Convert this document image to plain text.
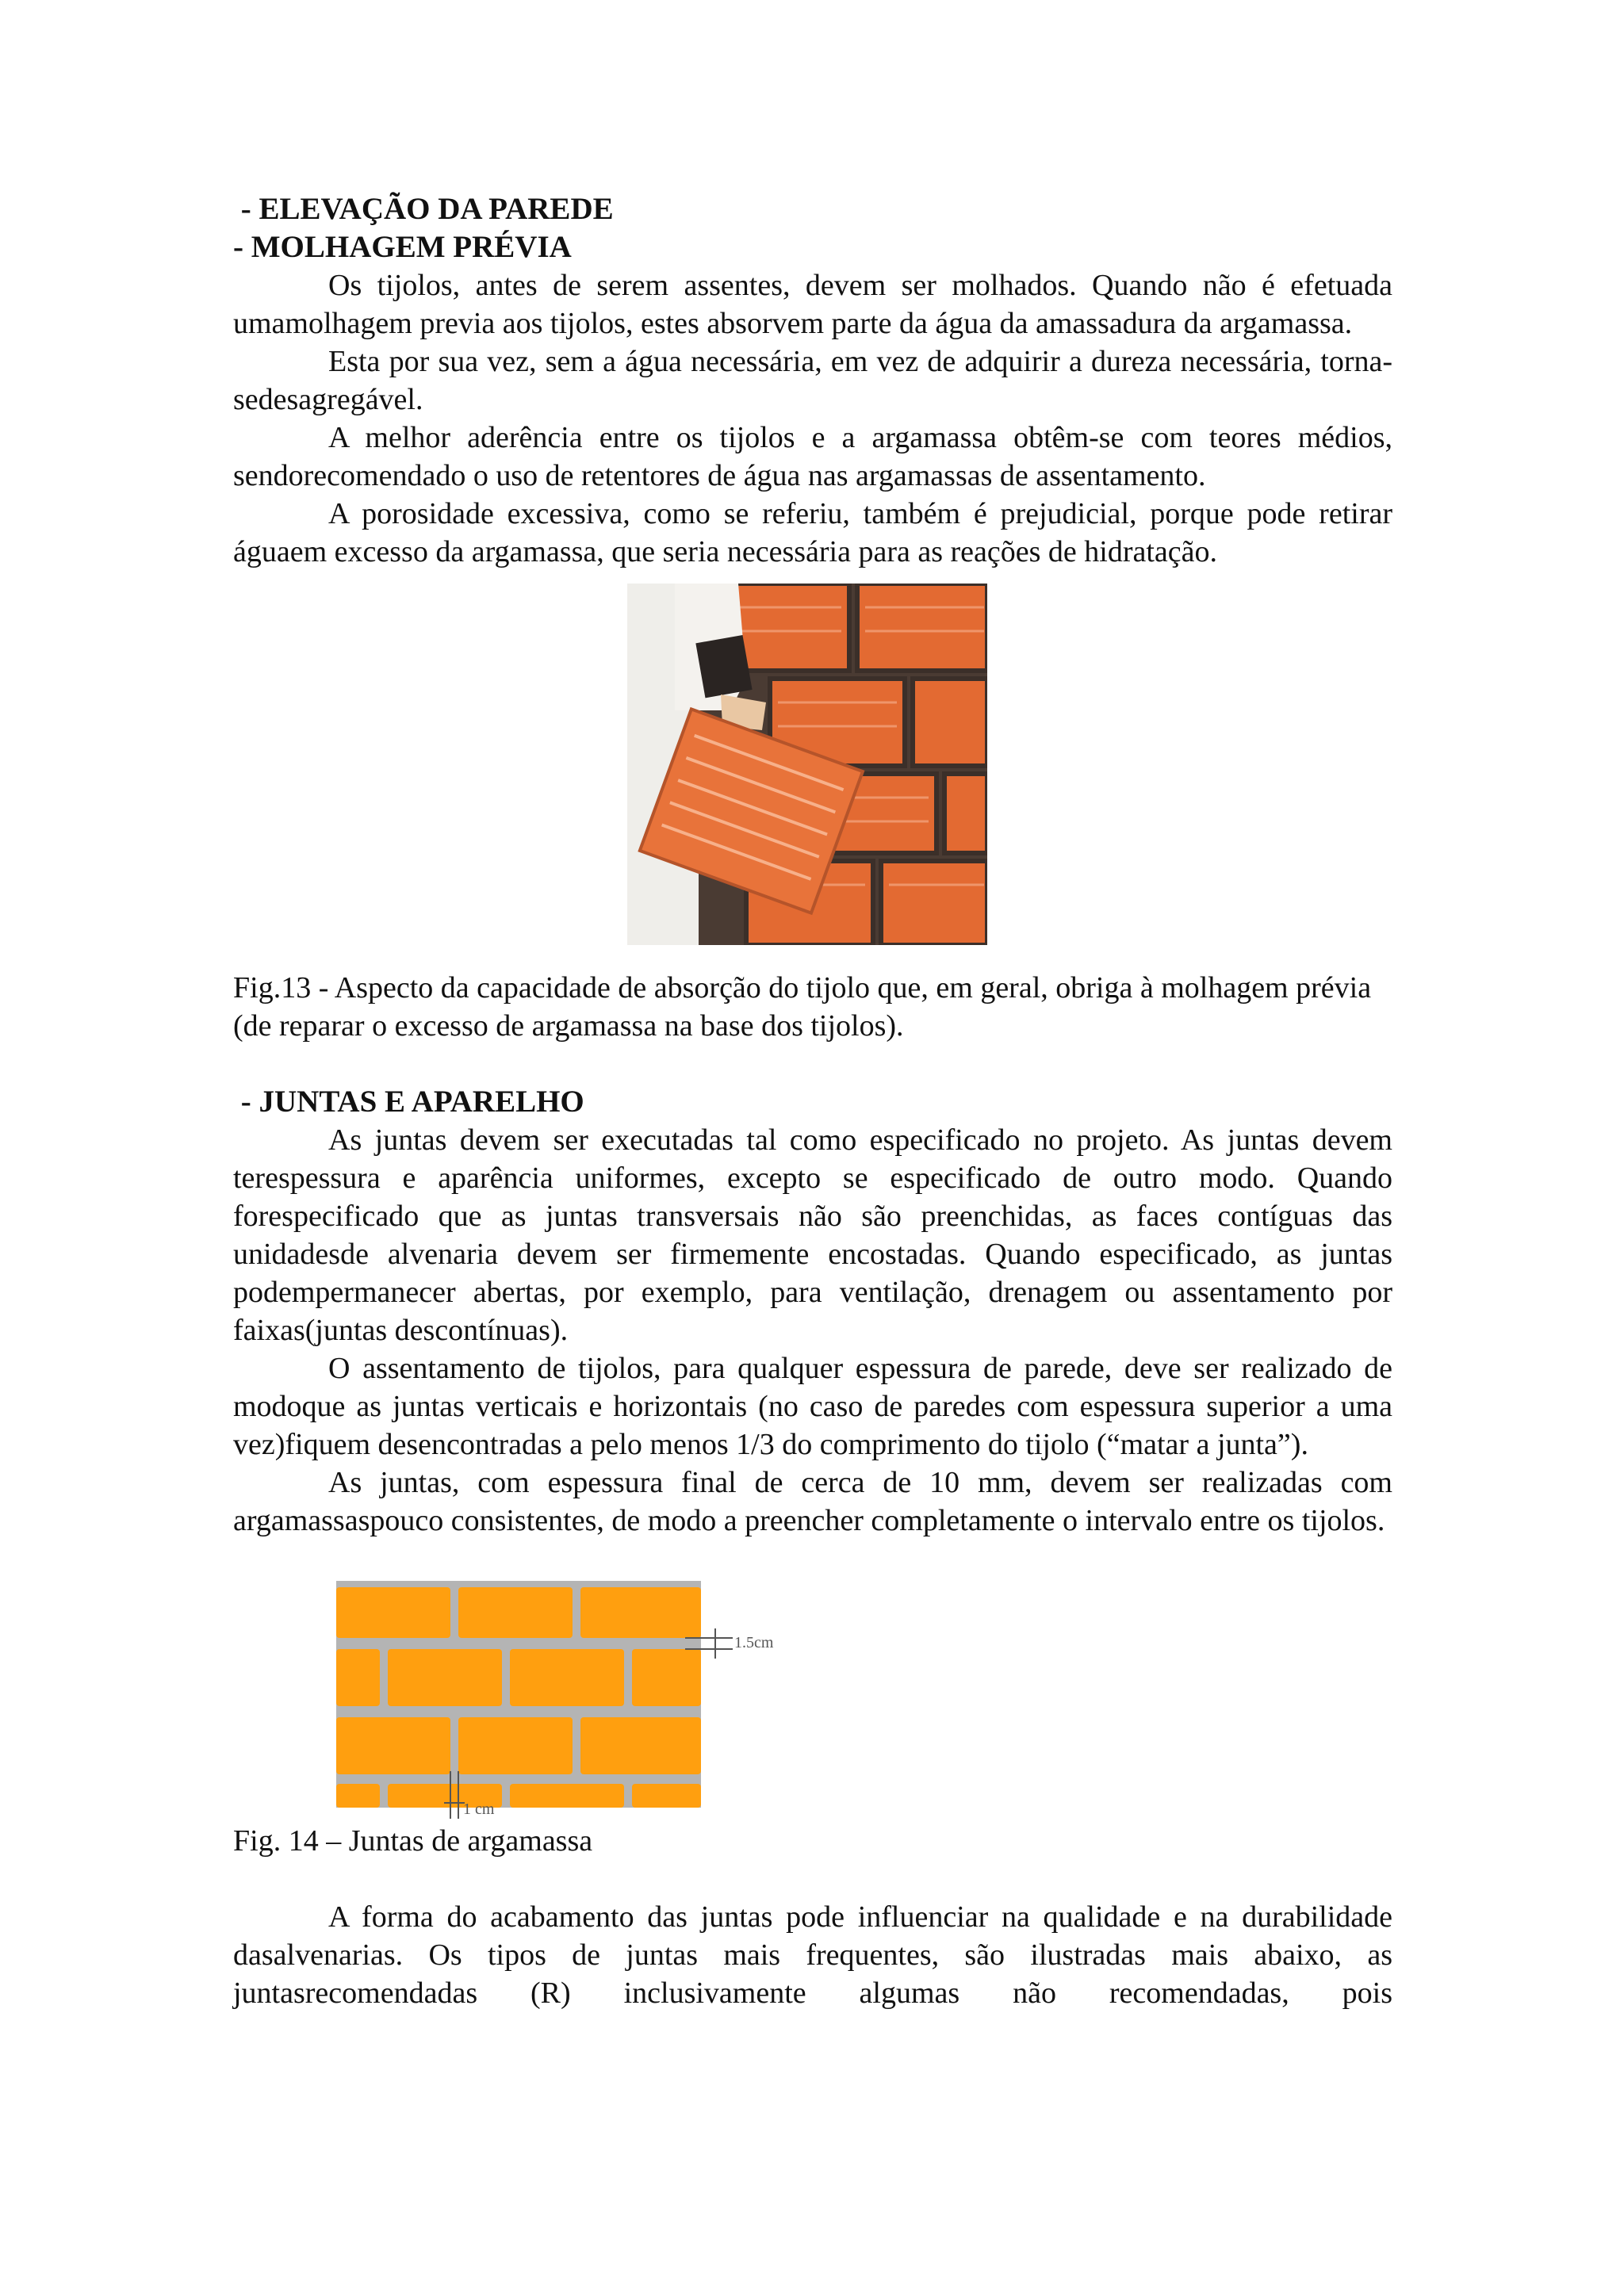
- ELEVAÇÃO DA PAREDE

- MOLHAGEM PRÉVIA

Os tijolos, antes de serem assentes, devem ser molhados. Quando não é efetuada umamolhagem previa aos tijolos, estes absorvem parte da água da amassadura da argamassa.

Esta por sua vez, sem a água necessária, em vez de adquirir a dureza necessária, torna-sedesagregável.

A melhor aderência entre os tijolos e a argamassa obtêm-se com teores médios, sendorecomendado o uso de retentores de água nas argamassas de assentamento.

A porosidade excessiva, como se referiu, também é prejudicial, porque pode retirar águaem excesso da argamassa, que seria necessária para as reações de hidratação.

Fig.13 - Aspecto da capacidade de absorção do tijolo que, em geral, obriga à molhagem prévia (de reparar o excesso de argamassa na base dos tijolos).

- JUNTAS E APARELHO

As juntas devem ser executadas tal como especificado no projeto. As juntas devem terespessura e aparência uniformes, excepto se especificado de outro modo. Quando forespecificado que as juntas transversais não são preenchidas, as faces contíguas das unidadesde alvenaria devem ser firmemente encostadas. Quando especificado, as juntas podempermanecer abertas, por exemplo, para ventilação, drenagem ou assentamento por faixas(juntas descontínuas).

O assentamento de tijolos, para qualquer espessura de parede, deve ser realizado de modoque as juntas verticais e horizontais (no caso de paredes com espessura superior a uma vez)fiquem desencontradas a pelo menos 1/3 do comprimento do tijolo (“matar a junta”).

As juntas, com espessura final de cerca de 10 mm, devem ser realizadas com argamassaspouco consistentes, de modo a preencher completamente o intervalo entre os tijolos.

1.5cm
1 cm

Fig. 14 – Juntas de argamassa

A forma do acabamento das juntas pode influenciar na qualidade e na durabilidade dasalvenarias. Os tipos de juntas mais frequentes, são ilustradas mais abaixo, as juntasrecomendadas (R) inclusivamente algumas não recomendadas, pois
